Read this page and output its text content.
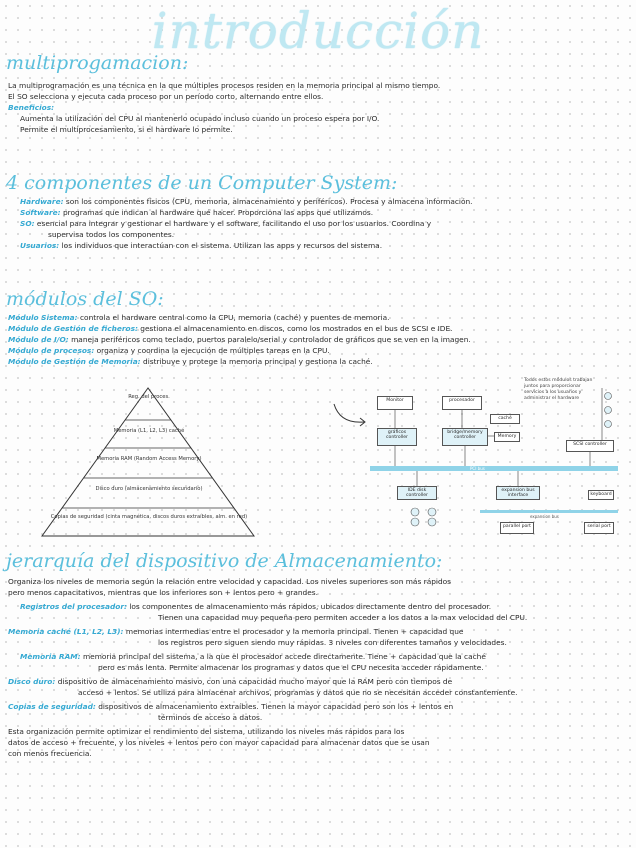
introducción
multiprogamacion:
La multiprogramación es una técnica en la que múltiples procesos residen en la memoria principal al mismo tiempo.
El SO selecciona y ejecuta cada proceso por un período corto, alternando entre ellos.
Beneficios:
Aumenta la utilización del CPU al mantenerlo ocupado incluso cuando un proceso espera por I/O.
Permite el multiprocesamiento, si el hardware lo permite.
4 componentes de un Computer System:
Hardware: son los componentes físicos (CPU, memoria, almacenamiento y periféricos). Procesa y almacena información.
Software: programas que indican al hardware qué hacer. Proporciona las apps que utilizamos.
SO: esencial para integrar y gestionar el hardware y el software, facilitando el uso por los usuarios. Coordina y
supervisa todos los componentes.
Usuarios: los individuos que interactúan con el sistema. Utilizan las apps y recursos del sistema.
módulos del SO:
Módulo Sistema: controla el hardware central como la CPU, memoria (caché) y puentes de memoria.
Módulo de Gestión de ficheros: gestiona el almacenamiento en discos, como los mostrados en el bus de SCSI e IDE.
Módulo de I/O: maneja periféricos como teclado, puertos paralelo/serial y controlador de gráficos que se ven en la imagen.
Módulo de procesos: organiza y coordina la ejecución de múltiples tareas en la CPU.
Módulo de Gestión de Memoria: distribuye y protege la memoria principal y gestiona la caché.
Reg. del proces.
Memoria (L1, L2, L3) caché
Memoria RAM (Random Access Memory)
Disco duro (almacenamiento secundario)
Copias de seguridad (cinta magnética, discos duros extraíbles, alm. en red)
Todos estos módulos trabajan juntos para proporcionar servicios a los usuarios y administrar el hardware
Monitor	procesador
caché
gráficos controller
bridge/memory controller	Memory
SCSI controller
PCI bus
IDE disk controller
expansion bus interface	keyboard
expansion bus
parallel port	serial port
jerarquía del dispositivo de Almacenamiento:
Organiza los niveles de memoria según la relación entre velocidad y capacidad. Los niveles superiores son más rápidos
pero menos capacitativos, mientras que los inferiores son + lentos pero + grandes.
Registros del procesador: los componentes de almacenamiento más rápidos, ubicados directamente dentro del procesador.
Tienen una capacidad muy pequeña pero permiten acceder a los datos a la max velocidad del CPU.
Memoria caché (L1, L2, L3): memorias intermedias entre el procesador y la memoria principal. Tienen + capacidad que
los registros pero siguen siendo muy rápidas. 3 niveles con diferentes tamaños y velocidades.
Memoria RAM: memoria principal del sistema, a la que el procesador accede directamente. Tiene + capacidad que la caché
pero es más lenta. Permite almacenar los programas y datos que el CPU necesita acceder rápidamente.
Disco duro: dispositivo de almacenamiento masivo, con una capacidad mucho mayor que la RAM pero con tiempos de
acceso + lentos. Se utiliza para almacenar archivos, programas y datos que no se necesitan acceder constantemente.
Copias de seguridad: dispositivos de almacenamiento extraíbles. Tienen la mayor capacidad pero son los + lentos en
términos de acceso a datos.
Esta organización permite optimizar el rendimiento del sistema, utilizando los niveles más rápidos para los
datos de acceso + frecuente, y los niveles + lentos pero con mayor capacidad para almacenar datos que se usan
con menos frecuencia.
